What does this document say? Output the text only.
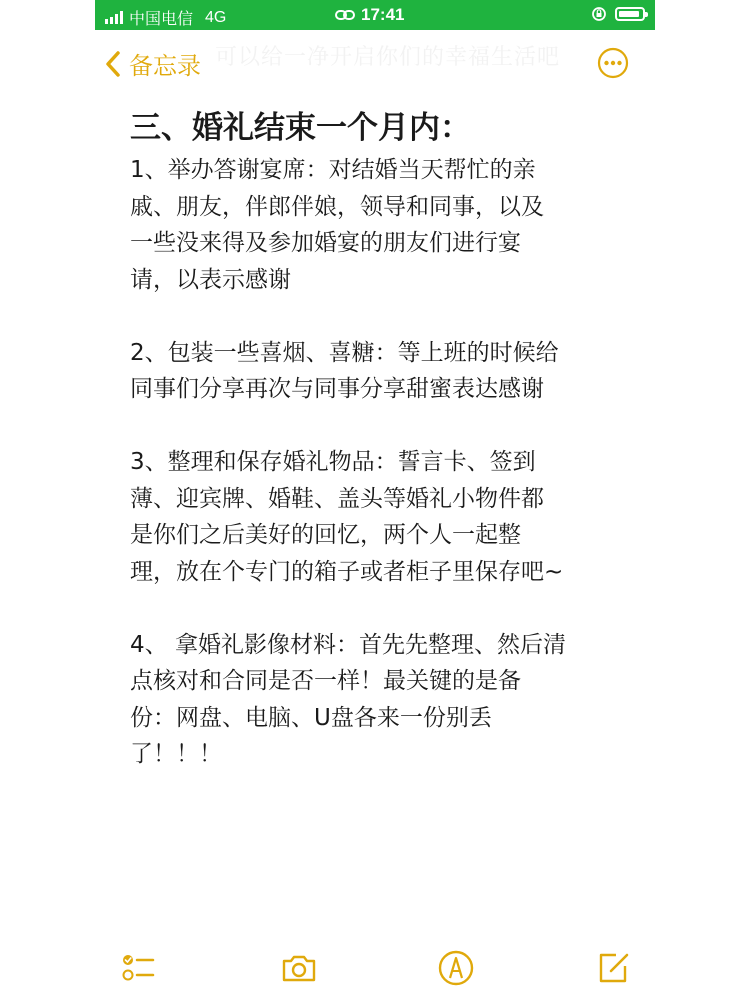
中国电信 4G	17:41
可以给一净开启你们的幸福生活吧
备忘录

三、婚礼结束一个月内：

1、举办答谢宴席：对结婚当天帮忙的亲

戚、朋友，伴郎伴娘，领导和同事，以及

一些没来得及参加婚宴的朋友们进行宴

请，以表示感谢

2、包装一些喜烟、喜糖：等上班的时候给

同事们分享再次与同事分享甜蜜表达感谢

3、整理和保存婚礼物品：誓言卡、签到

薄、迎宾牌、婚鞋、盖头等婚礼小物件都

是你们之后美好的回忆，两个人一起整

理，放在个专门的箱子或者柜子里保存吧~

4、 拿婚礼影像材料：首先先整理、然后清

点核对和合同是否一样！最关键的是备

份：网盘、电脑、U盘各来一份别丢

了！！！
